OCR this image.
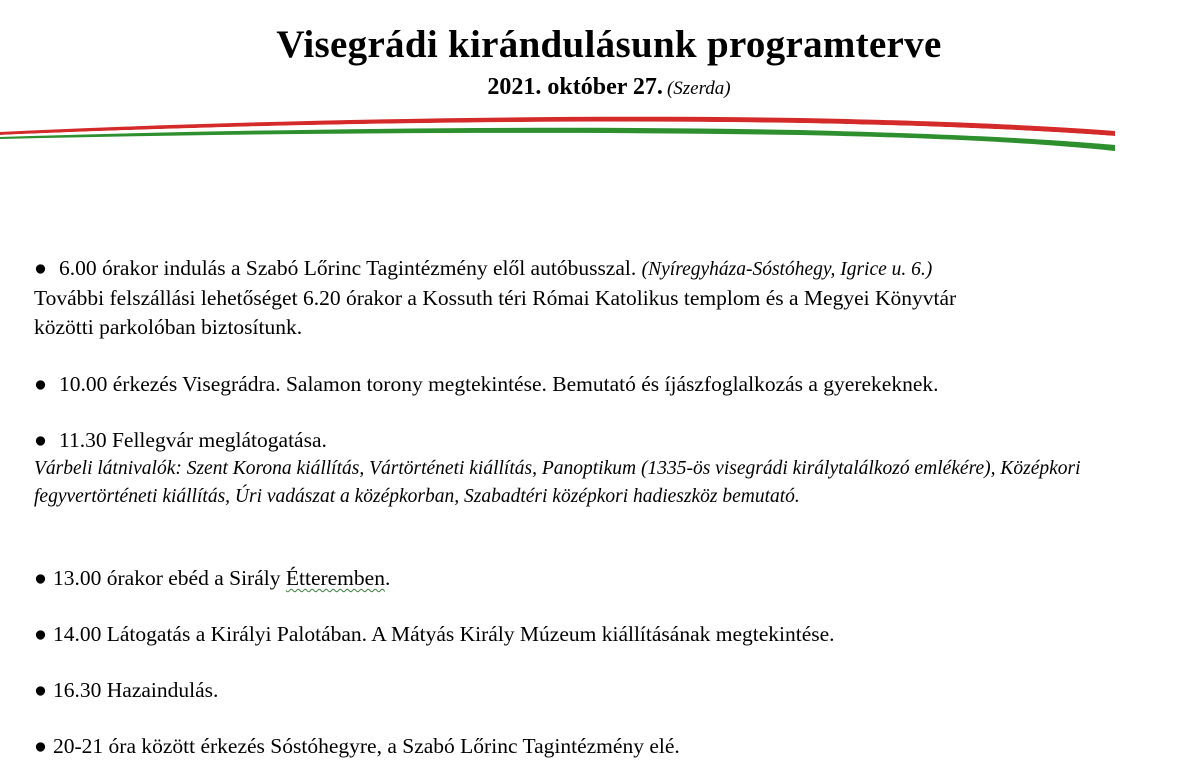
Visegrádi kirándulásunk programterve
2021. október 27. (Szerda)
● 6.00 órakor indulás a Szabó Lőrinc Tagintézmény elől autóbusszal. (Nyíregyháza-Sóstóhegy, Igrice u. 6.)
További felszállási lehetőséget 6.20 órakor a Kossuth téri Római Katolikus templom és a Megyei Könyvtár
közötti parkolóban biztosítunk.
● 10.00 érkezés Visegrádra. Salamon torony megtekintése. Bemutató és íjászfoglalkozás a gyerekeknek.
● 11.30 Fellegvár meglátogatása.
Várbeli látnivalók: Szent Korona kiállítás, Vártörténeti kiállítás, Panoptikum (1335-ös visegrádi királytalálkozó emlékére), Középkori fegyvertörténeti kiállítás, Úri vadászat a középkorban, Szabadtéri középkori hadieszköz bemutató.
● 13.00 órakor ebéd a Sirály Étteremben.
● 14.00 Látogatás a Királyi Palotában. A Mátyás Király Múzeum kiállításának megtekintése.
● 16.30 Hazaindulás.
● 20-21 óra között érkezés Sóstóhegyre, a Szabó Lőrinc Tagintézmény elé.
